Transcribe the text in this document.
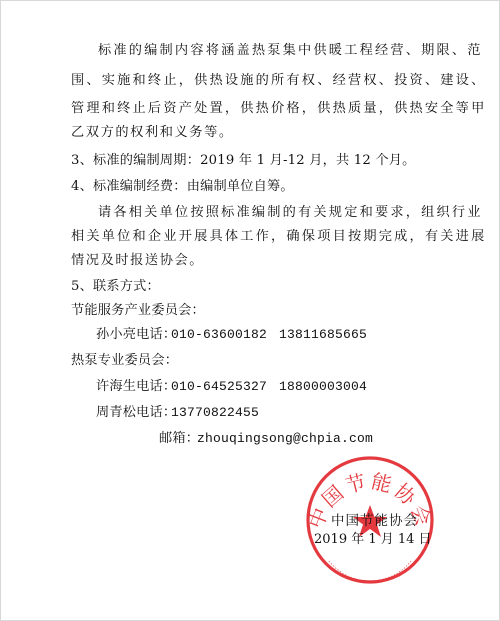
标准的编制内容将涵盖热泵集中供暖工程经营、期限、范
围、实施和终止，供热设施的所有权、经营权、投资、建设、
管理和终止后资产处置，供热价格，供热质量，供热安全等甲
乙双方的权利和义务等。
3、标准的编制周期：2019 年 1 月-12 月，共 12 个月。
4、标准编制经费：由编制单位自筹。
请各相关单位按照标准编制的有关规定和要求，组织行业
相关单位和企业开展具体工作，确保项目按期完成，有关进展
情况及时报送协会。
5、联系方式：
节能服务产业委员会：
孙小亮电话：
010-63600182 13811685665
热泵专业委员会：
许海生电话：
010-64525327 18800003004
周青松电话：
13770822455
邮箱：
zhouqingsong@chpia.com
中国节能协会
中国节能协会
2019 年 1 月 14 日
